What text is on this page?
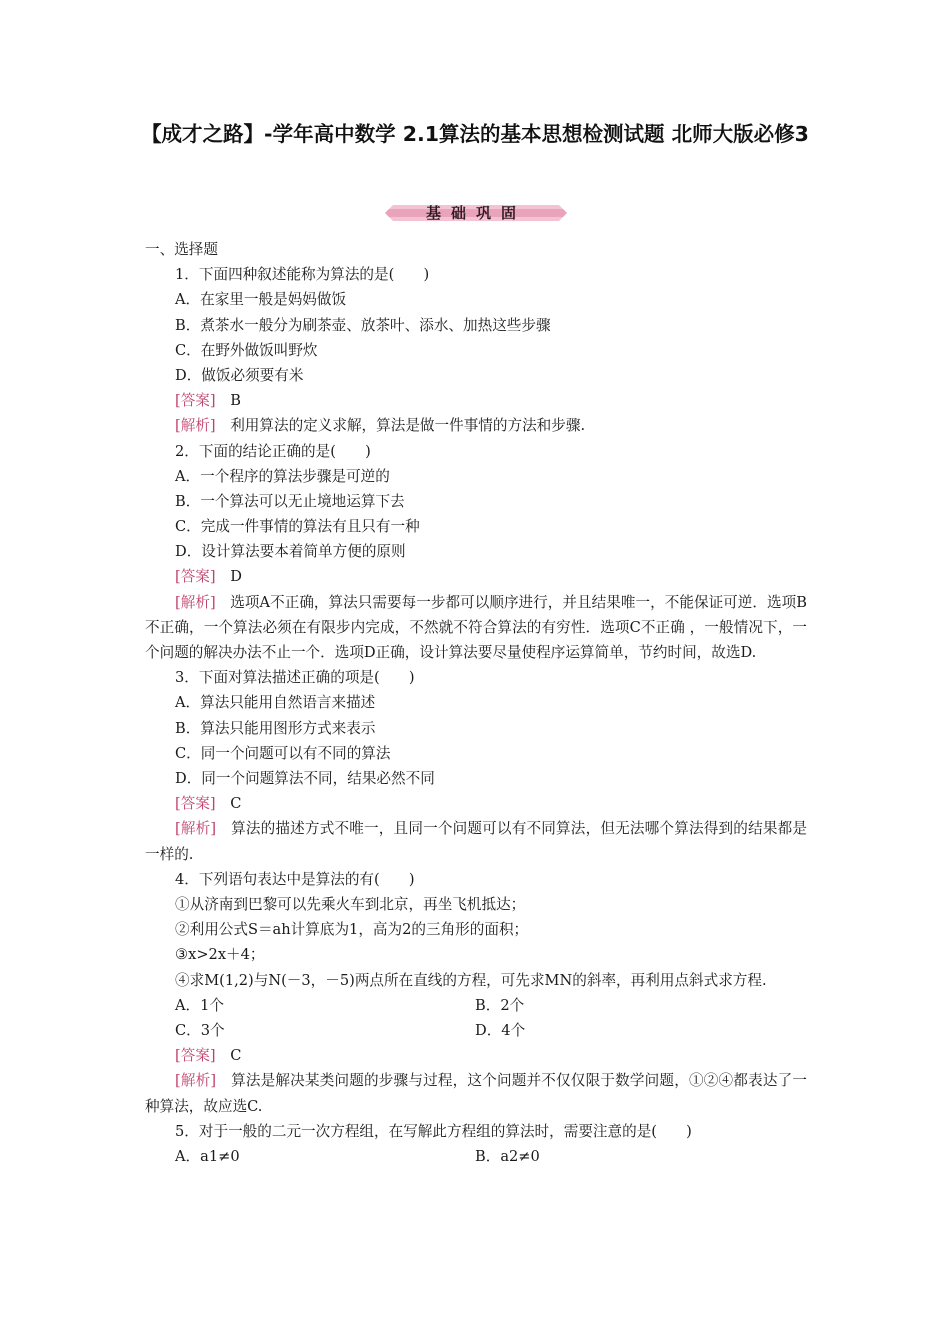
【成才之路】-学年高中数学 2.1算法的基本思想检测试题 北师大版必修3
基础巩固
一、选择题
1．下面四种叙述能称为算法的是(　　)
A．在家里一般是妈妈做饭
B．煮茶水一般分为刷茶壶、放茶叶、添水、加热这些步骤
C．在野外做饭叫野炊
D．做饭必须要有米
[答案]　 B
[解析]　 利用算法的定义求解，算法是做一件事情的方法和步骤.
2．下面的结论正确的是(　　)
A．一个程序的算法步骤是可逆的
B．一个算法可以无止境地运算下去
C．完成一件事情的算法有且只有一种
D．设计算法要本着简单方便的原则
[答案]　 D
[解析]　 选项A不正确，算法只需要每一步都可以顺序进行，并且结果唯一，不能保证可逆．选项B不正确，一个算法必须在有限步内完成，不然就不符合算法的有穷性．选项C不正确 ，一般情况下，一个问题的解决办法不止一个．选项D正确，设计算法要尽量使程序运算简单，节约时间，故选D.
3．下面对算法描述正确的项是(　　)
A．算法只能用自然语言来描述
B．算法只能用图形方式来表示
C．同一个问题可以有不同的算法
D．同一个问题算法不同，结果必然不同
[答案]　 C
[解析]　 算法的描述方式不唯一，且同一个问题可以有不同算法，但无法哪个算法得到的结果都是一样的.
4．下列语句表达中是算法的有(　　)
①从济南到巴黎可以先乘火车到北京，再坐飞机抵达；
②利用公式S＝ah计算底为1，高为2的三角形的面积；
③x>2x＋4；
④求M(1,2)与N(－3，－5)两点所在直线的方程，可先求MN的斜率，再利用点斜式求方程.
A．1个	B．2个
C．3个	D．4个
[答案]　 C
[解析]　 算法是解决某类问题的步骤与过程，这个问题并不仅仅限于数学问题，①②④都表达了一种算法，故应选C.
5．对于一般的二元一次方程组，在写解此方程组的算法时，需要注意的是(　　)
A．a1≠0	B．a2≠0
